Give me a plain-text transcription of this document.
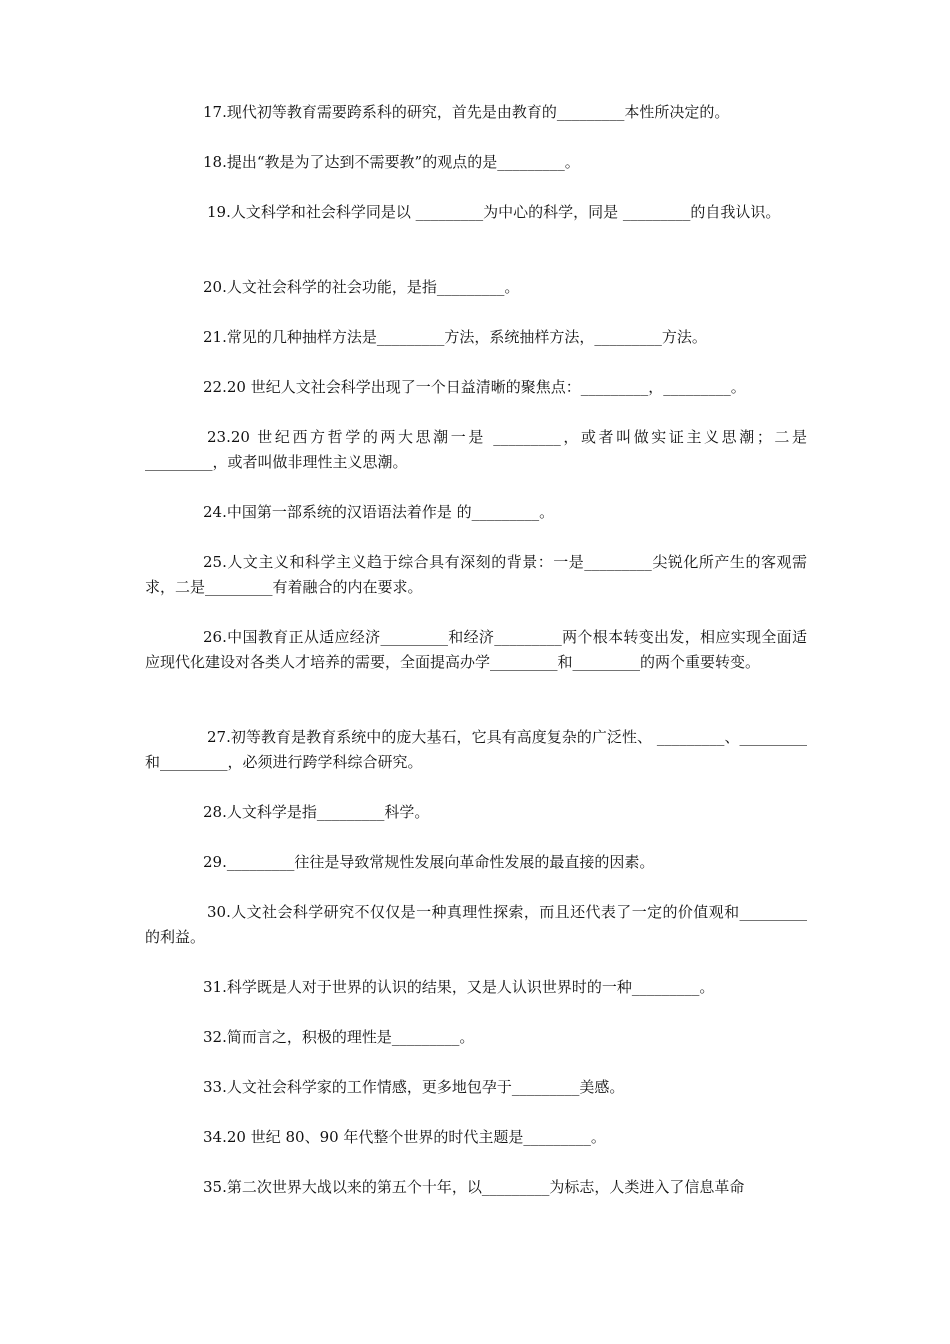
17.现代初等教育需要跨系科的研究，首先是由教育的_________本性所决定的。

18.提出“教是为了达到不需要教”的观点的是_________。

19.人文科学和社会科学同是以 _________为中心的科学，同是 _________的自我认识。

20.人文社会科学的社会功能，是指_________。

21.常见的几种抽样方法是_________方法，系统抽样方法，_________方法。

22.20 世纪人文社会科学出现了一个日益清晰的聚焦点：_________，_________。

23.20 世纪西方哲学的两大思潮一是 _________，或者叫做实证主义思潮；二是_________，或者叫做非理性主义思潮。

24.中国第一部系统的汉语语法着作是 的_________。

25.人文主义和科学主义趋于综合具有深刻的背景：一是_________尖锐化所产生的客观需求，二是_________有着融合的内在要求。

26.中国教育正从适应经济_________和经济_________两个根本转变出发，相应实现全面适应现代化建设对各类人才培养的需要，全面提高办学_________和_________的两个重要转变。

27.初等教育是教育系统中的庞大基石，它具有高度复杂的广泛性、 _________、_________和_________，必须进行跨学科综合研究。

28.人文科学是指_________科学。

29._________往往是导致常规性发展向革命性发展的最直接的因素。

30.人文社会科学研究不仅仅是一种真理性探索，而且还代表了一定的价值观和_________的利益。

31.科学既是人对于世界的认识的结果，又是人认识世界时的一种_________。

32.简而言之，积极的理性是_________。

33.人文社会科学家的工作情感，更多地包孕于_________美感。

34.20 世纪 80、90 年代整个世界的时代主题是_________。

35.第二次世界大战以来的第五个十年，以_________为标志，人类进入了信息革命
